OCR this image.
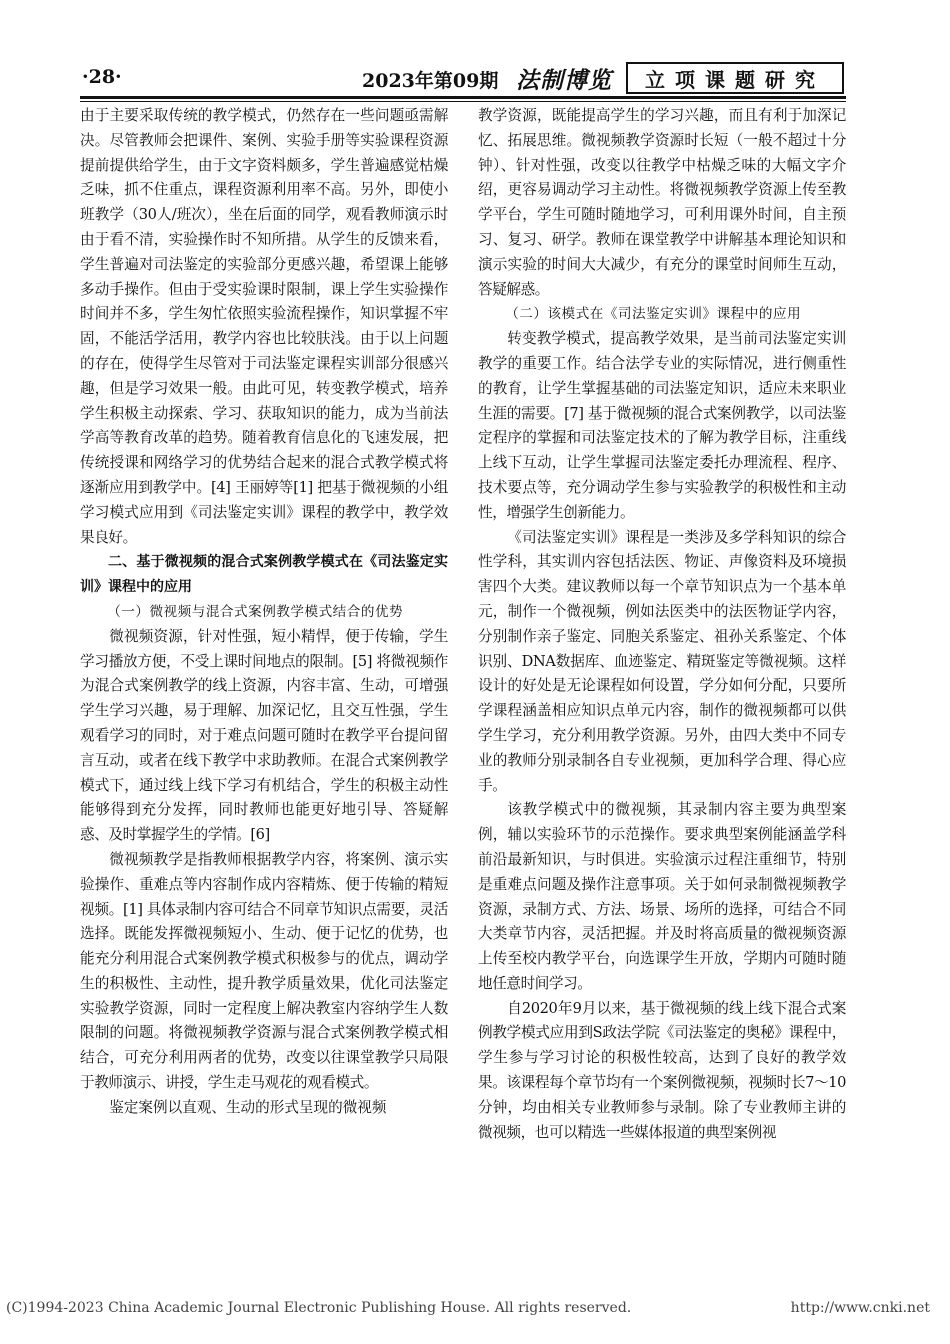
·28·	2023年第09期 法制博览	立项课题研究

由于主要采取传统的教学模式，仍然存在一些问题亟需解决。尽管教师会把课件、案例、实验手册等实验课程资源提前提供给学生，由于文字资料颇多，学生普遍感觉枯燥乏味，抓不住重点，课程资源利用率不高。另外，即使小班教学（30人/班次），坐在后面的同学，观看教师演示时由于看不清，实验操作时不知所措。从学生的反馈来看，学生普遍对司法鉴定的实验部分更感兴趣，希望课上能够多动手操作。但由于受实验课时限制，课上学生实验操作时间并不多，学生匆忙依照实验流程操作，知识掌握不牢固，不能活学活用，教学内容也比较肤浅。由于以上问题的存在，使得学生尽管对于司法鉴定课程实训部分很感兴趣，但是学习效果一般。由此可见，转变教学模式，培养学生积极主动探索、学习、获取知识的能力，成为当前法学高等教育改革的趋势。随着教育信息化的飞速发展，把传统授课和网络学习的优势结合起来的混合式教学模式将逐渐应用到教学中。[4] 王丽婷等[1] 把基于微视频的小组学习模式应用到《司法鉴定实训》课程的教学中，教学效果良好。

二、基于微视频的混合式案例教学模式在《司法鉴定实训》课程中的应用

（一）微视频与混合式案例教学模式结合的优势

微视频资源，针对性强，短小精悍，便于传输，学生学习播放方便，不受上课时间地点的限制。[5] 将微视频作为混合式案例教学的线上资源，内容丰富、生动，可增强学生学习兴趣，易于理解、加深记忆，且交互性强，学生观看学习的同时，对于难点问题可随时在教学平台提问留言互动，或者在线下教学中求助教师。在混合式案例教学模式下，通过线上线下学习有机结合，学生的积极主动性能够得到充分发挥，同时教师也能更好地引导、答疑解惑、及时掌握学生的学情。[6]

微视频教学是指教师根据教学内容，将案例、演示实验操作、重难点等内容制作成内容精炼、便于传输的精短视频。[1] 具体录制内容可结合不同章节知识点需要，灵活选择。既能发挥微视频短小、生动、便于记忆的优势，也能充分利用混合式案例教学模式积极参与的优点，调动学生的积极性、主动性，提升教学质量效果，优化司法鉴定实验教学资源，同时一定程度上解决教室内容纳学生人数限制的问题。将微视频教学资源与混合式案例教学模式相结合，可充分利用两者的优势，改变以往课堂教学只局限于教师演示、讲授，学生走马观花的观看模式。

鉴定案例以直观、生动的形式呈现的微视频

教学资源，既能提高学生的学习兴趣，而且有利于加深记忆、拓展思维。微视频教学资源时长短（一般不超过十分钟）、针对性强，改变以往教学中枯燥乏味的大幅文字介绍，更容易调动学习主动性。将微视频教学资源上传至教学平台，学生可随时随地学习，可利用课外时间，自主预习、复习、研学。教师在课堂教学中讲解基本理论知识和演示实验的时间大大减少，有充分的课堂时间师生互动，答疑解惑。

（二）该模式在《司法鉴定实训》课程中的应用

转变教学模式，提高教学效果，是当前司法鉴定实训教学的重要工作。结合法学专业的实际情况，进行侧重性的教育，让学生掌握基础的司法鉴定知识，适应未来职业生涯的需要。[7] 基于微视频的混合式案例教学，以司法鉴定程序的掌握和司法鉴定技术的了解为教学目标，注重线上线下互动，让学生掌握司法鉴定委托办理流程、程序、技术要点等，充分调动学生参与实验教学的积极性和主动性，增强学生创新能力。

《司法鉴定实训》课程是一类涉及多学科知识的综合性学科，其实训内容包括法医、物证、声像资料及环境损害四个大类。建议教师以每一个章节知识点为一个基本单元，制作一个微视频，例如法医类中的法医物证学内容，分别制作亲子鉴定、同胞关系鉴定、祖孙关系鉴定、个体识别、DNA数据库、血迹鉴定、精斑鉴定等微视频。这样设计的好处是无论课程如何设置，学分如何分配，只要所学课程涵盖相应知识点单元内容，制作的微视频都可以供学生学习，充分利用教学资源。另外，由四大类中不同专业的教师分别录制各自专业视频，更加科学合理、得心应手。

该教学模式中的微视频，其录制内容主要为典型案例，辅以实验环节的示范操作。要求典型案例能涵盖学科前沿最新知识，与时俱进。实验演示过程注重细节，特别是重难点问题及操作注意事项。关于如何录制微视频教学资源，录制方式、方法、场景、场所的选择，可结合不同大类章节内容，灵活把握。并及时将高质量的微视频资源上传至校内教学平台，向选课学生开放，学期内可随时随地任意时间学习。

自2020年9月以来，基于微视频的线上线下混合式案例教学模式应用到S政法学院《司法鉴定的奥秘》课程中，学生参与学习讨论的积极性较高，达到了良好的教学效果。该课程每个章节均有一个案例微视频，视频时长7～10分钟，均由相关专业教师参与录制。除了专业教师主讲的微视频，也可以精选一些媒体报道的典型案例视

(C)1994-2023 China Academic Journal Electronic Publishing House. All rights reserved.	http://www.cnki.net
